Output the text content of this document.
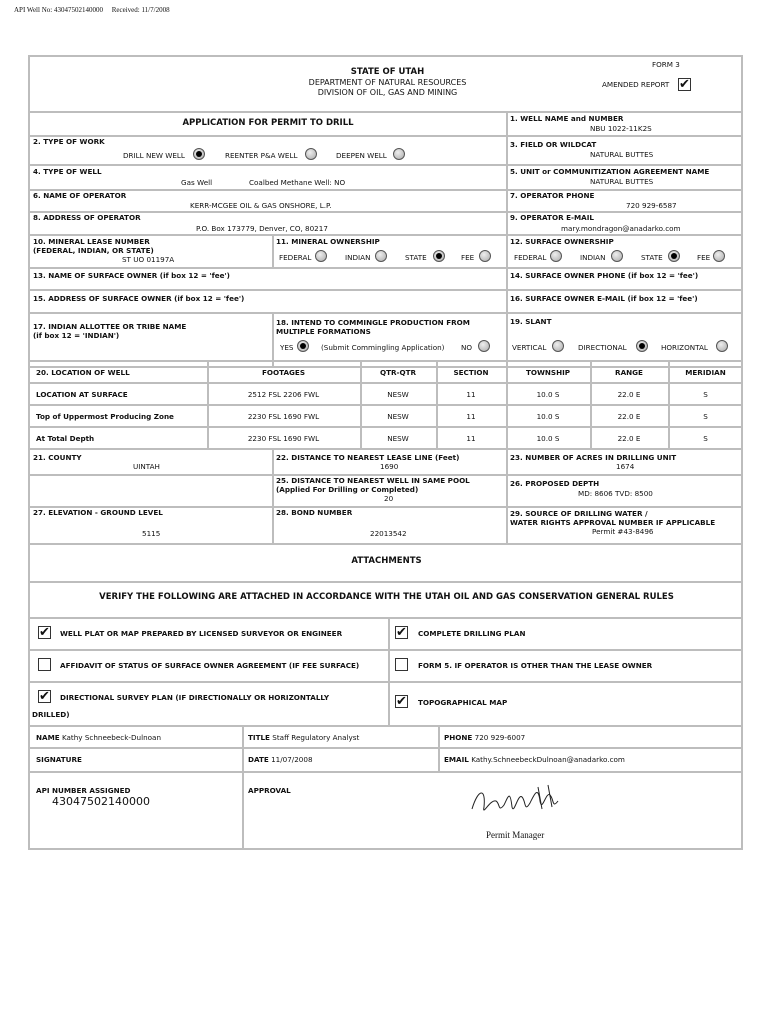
API Well No: 43047502140000 Received: 11/7/2008
STATE OF UTAH
DEPARTMENT OF NATURAL RESOURCES
DIVISION OF OIL, GAS AND MINING
FORM 3
AMENDED REPORT ✔
APPLICATION FOR PERMIT TO DRILL	1. WELL NAME and NUMBER
NBU 1022-11K2S
2. TYPE OF WORK
DRILL NEW WELL	REENTER P&A WELL	DEEPEN WELL
3. FIELD OR WILDCAT
NATURAL BUTTES
4. TYPE OF WELL
Gas Well	Coalbed Methane Well: NO
5. UNIT or COMMUNITIZATION AGREEMENT NAME
NATURAL BUTTES
6. NAME OF OPERATOR
KERR-MCGEE OIL & GAS ONSHORE, L.P.
7. OPERATOR PHONE
720 929-6587
8. ADDRESS OF OPERATOR
P.O. Box 173779, Denver, CO, 80217
9. OPERATOR E-MAIL
mary.mondragon@anadarko.com
10. MINERAL LEASE NUMBER
(FEDERAL, INDIAN, OR STATE)
ST UO 01197A
11. MINERAL OWNERSHIP
FEDERAL	INDIAN	STATE	FEE
12. SURFACE OWNERSHIP
FEDERAL	INDIAN	STATE	FEE
13. NAME OF SURFACE OWNER (if box 12 = 'fee')	14. SURFACE OWNER PHONE (if box 12 = 'fee')
15. ADDRESS OF SURFACE OWNER (if box 12 = 'fee')	16. SURFACE OWNER E-MAIL (if box 12 = 'fee')
17. INDIAN ALLOTTEE OR TRIBE NAME
(if box 12 = 'INDIAN')
18. INTEND TO COMMINGLE PRODUCTION FROM
MULTIPLE FORMATIONS
YES	(Submit Commingling Application) NO
19. SLANT
VERTICAL	DIRECTIONAL	HORIZONTAL
20. LOCATION OF WELL	FOOTAGES	QTR-QTR	SECTION	TOWNSHIP	RANGE	MERIDIAN
LOCATION AT SURFACE	2512 FSL 2206 FWL	NESW	11	10.0 S	22.0 E	S
Top of Uppermost Producing Zone	2230 FSL 1690 FWL	NESW	11	10.0 S	22.0 E	S
At Total Depth	2230 FSL 1690 FWL	NESW	11	10.0 S	22.0 E	S
21. COUNTY
UINTAH
22. DISTANCE TO NEAREST LEASE LINE (Feet)
1690
23. NUMBER OF ACRES IN DRILLING UNIT
1674
25. DISTANCE TO NEAREST WELL IN SAME POOL
(Applied For Drilling or Completed)
20
26. PROPOSED DEPTH
MD: 8606 TVD: 8500
27. ELEVATION - GROUND LEVEL
5115
28. BOND NUMBER
22013542
29. SOURCE OF DRILLING WATER /
WATER RIGHTS APPROVAL NUMBER IF APPLICABLE
Permit #43-8496
ATTACHMENTS
VERIFY THE FOLLOWING ARE ATTACHED IN ACCORDANCE WITH THE UTAH OIL AND GAS CONSERVATION GENERAL RULES
✔ WELL PLAT OR MAP PREPARED BY LICENSED SURVEYOR OR ENGINEER	✔ COMPLETE DRILLING PLAN
AFFIDAVIT OF STATUS OF SURFACE OWNER AGREEMENT (IF FEE SURFACE)	FORM 5. IF OPERATOR IS OTHER THAN THE LEASE OWNER
✔ DIRECTIONAL SURVEY PLAN (IF DIRECTIONALLY OR HORIZONTALLY
DRILLED)
✔ TOPOGRAPHICAL MAP
NAME Kathy Schneebeck-Dulnoan	TITLE Staff Regulatory Analyst	PHONE 720 929-6007
SIGNATURE	DATE 11/07/2008	EMAIL Kathy.SchneebeckDulnoan@anadarko.com
API NUMBER ASSIGNED
43047502140000
APPROVAL
Permit Manager
